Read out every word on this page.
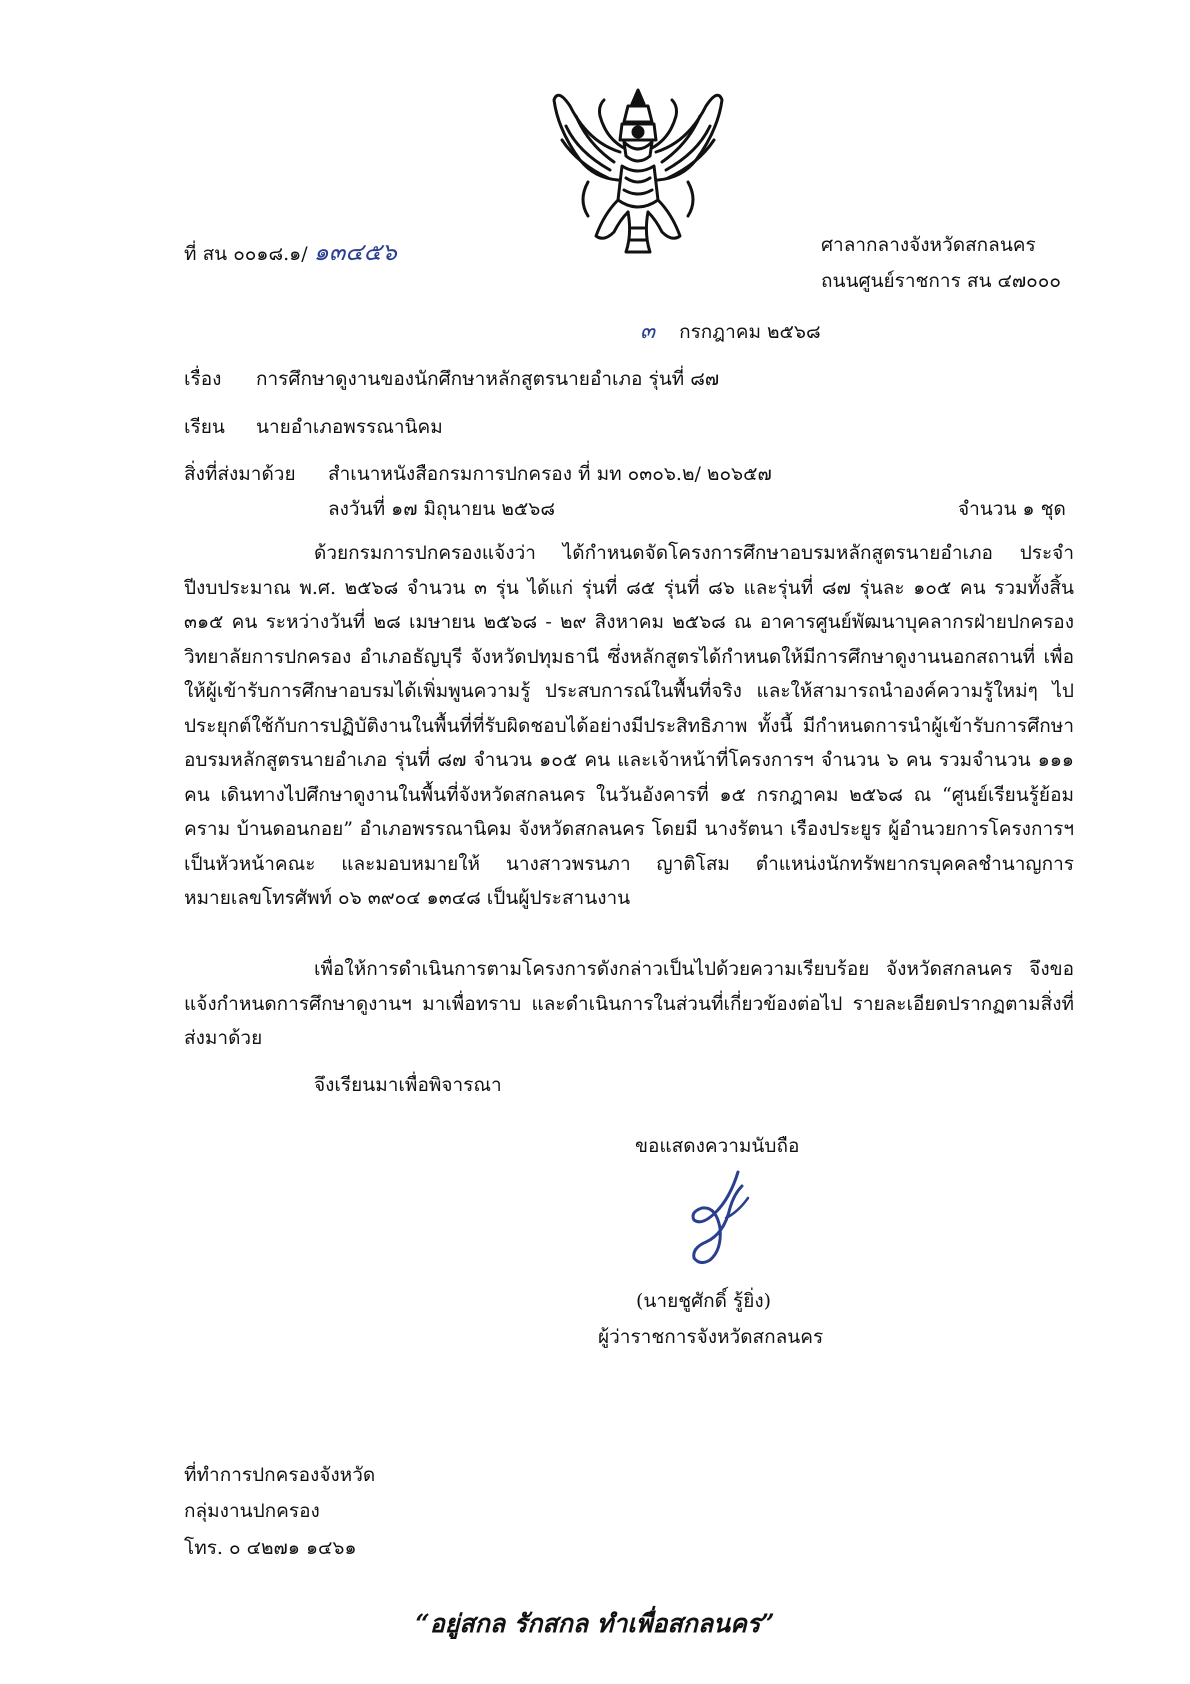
ที่ สน ๐๐๑๘.๑/ ๑๓๔๕๖	ศาลากลางจังหวัดสกลนคร
ถนนศูนย์ราชการ สน ๔๗๐๐๐
๓ กรกฎาคม ๒๕๖๘
เรื่อง การศึกษาดูงานของนักศึกษาหลักสูตรนายอำเภอ รุ่นที่ ๘๗
เรียน นายอำเภอพรรณานิคม
สิ่งที่ส่งมาด้วย สำเนาหนังสือกรมการปกครอง ที่ มท ๐๓๐๖.๒/ ๒๐๖๕๗
ลงวันที่ ๑๗ มิถุนายน ๒๕๖๘	จำนวน ๑ ชุด

ด้วยกรมการปกครองแจ้งว่า ได้กำหนดจัดโครงการศึกษาอบรมหลักสูตรนายอำเภอ ประจำปีงบประมาณ พ.ศ. ๒๕๖๘ จำนวน ๓ รุ่น ได้แก่ รุ่นที่ ๘๕ รุ่นที่ ๘๖ และรุ่นที่ ๘๗ รุ่นละ ๑๐๕ คน รวมทั้งสิ้น ๓๑๕ คน ระหว่างวันที่ ๒๘ เมษายน ๒๕๖๘ - ๒๙ สิงหาคม ๒๕๖๘ ณ อาคารศูนย์พัฒนาบุคลากรฝ่ายปกครอง วิทยาลัยการปกครอง อำเภอธัญบุรี จังหวัดปทุมธานี ซึ่งหลักสูตรได้กำหนดให้มีการศึกษาดูงานนอกสถานที่ เพื่อให้ผู้เข้ารับการศึกษาอบรมได้เพิ่มพูนความรู้ ประสบการณ์ในพื้นที่จริง และให้สามารถนำองค์ความรู้ใหม่ๆ ไปประยุกต์ใช้กับการปฏิบัติงานในพื้นที่ที่รับผิดชอบได้อย่างมีประสิทธิภาพ ทั้งนี้ มีกำหนดการนำผู้เข้ารับการศึกษาอบรมหลักสูตรนายอำเภอ รุ่นที่ ๘๗ จำนวน ๑๐๕ คน และเจ้าหน้าที่โครงการฯ จำนวน ๖ คน รวมจำนวน ๑๑๑ คน เดินทางไปศึกษาดูงานในพื้นที่จังหวัดสกลนคร ในวันอังคารที่ ๑๕ กรกฎาคม ๒๕๖๘ ณ “ศูนย์เรียนรู้ย้อมคราม บ้านดอนกอย” อำเภอพรรณานิคม จังหวัดสกลนคร โดยมี นางรัตนา เรืองประยูร ผู้อำนวยการโครงการฯ เป็นหัวหน้าคณะ และมอบหมายให้ นางสาวพรนภา ญาติโสม ตำแหน่งนักทรัพยากรบุคคลชำนาญการ หมายเลขโทรศัพท์ ๐๖ ๓๙๐๔ ๑๓๔๘ เป็นผู้ประสานงาน

เพื่อให้การดำเนินการตามโครงการดังกล่าวเป็นไปด้วยความเรียบร้อย จังหวัดสกลนคร จึงขอแจ้งกำหนดการศึกษาดูงานฯ มาเพื่อทราบ และดำเนินการในส่วนที่เกี่ยวข้องต่อไป รายละเอียดปรากฏตามสิ่งที่ส่งมาด้วย

จึงเรียนมาเพื่อพิจารณา
ขอแสดงความนับถือ
(นายชูศักดิ์ รู้ยิ่ง)
ผู้ว่าราชการจังหวัดสกลนคร
ที่ทำการปกครองจังหวัด
กลุ่มงานปกครอง
โทร. ๐ ๔๒๗๑ ๑๔๖๑
“อยู่สกล รักสกล ทำเพื่อสกลนคร”
